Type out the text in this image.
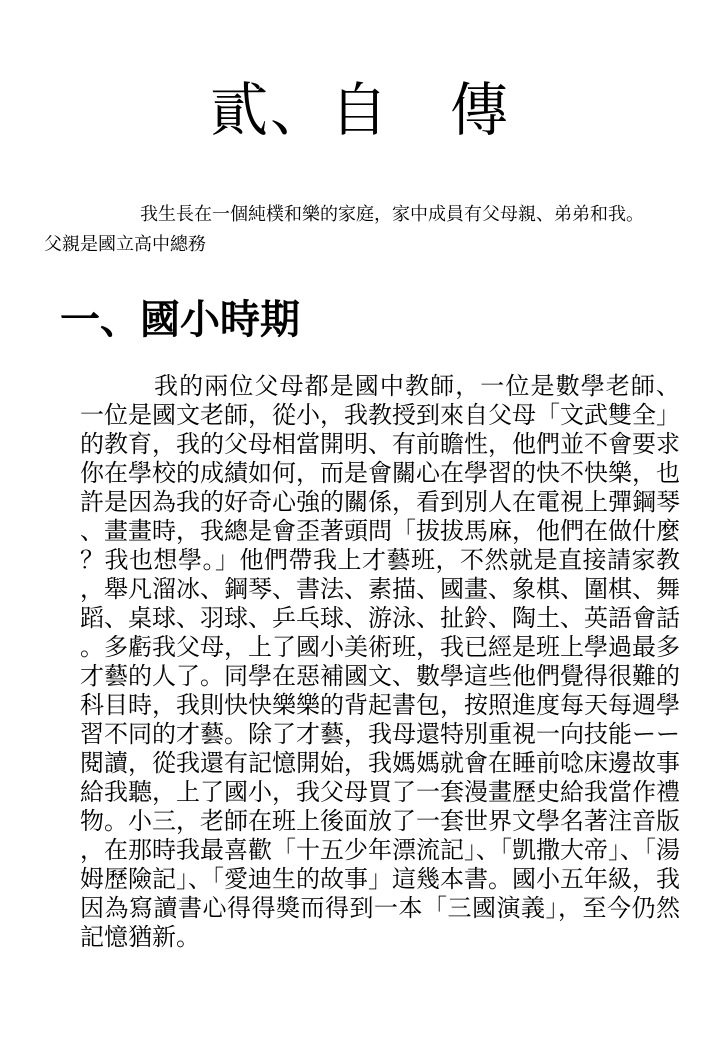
貳、自　傳

我生長在一個純樸和樂的家庭，家中成員有父母親、弟弟和我。父親是國立高中總務

一、國小時期

我的兩位父母都是國中教師，一位是數學老師、一位是國文老師，從小，我教授到來自父母「文武雙全」的教育，我的父母相當開明、有前瞻性，他們並不會要求你在學校的成績如何，而是會關心在學習的快不快樂，也許是因為我的好奇心強的關係，看到別人在電視上彈鋼琴、畫畫時，我總是會歪著頭問「拔拔馬麻，他們在做什麼？我也想學。」他們帶我上才藝班，不然就是直接請家教，舉凡溜冰、鋼琴、書法、素描、國畫、象棋、圍棋、舞蹈、桌球、羽球、乒乓球、游泳、扯鈴、陶土、英語會話。多虧我父母，上了國小美術班，我已經是班上學過最多才藝的人了。同學在惡補國文、數學這些他們覺得很難的科目時，我則快快樂樂的背起書包，按照進度每天每週學習不同的才藝。除了才藝，我母還特別重視一向技能ーー閱讀，從我還有記憶開始，我媽媽就會在睡前唸床邊故事給我聽，上了國小，我父母買了一套漫畫歷史給我當作禮物。小三，老師在班上後面放了一套世界文學名著注音版，在那時我最喜歡「十五少年漂流記」、「凱撒大帝」、「湯姆歷險記」、「愛迪生的故事」這幾本書。國小五年級，我因為寫讀書心得得獎而得到一本「三國演義」，至今仍然記憶猶新。
